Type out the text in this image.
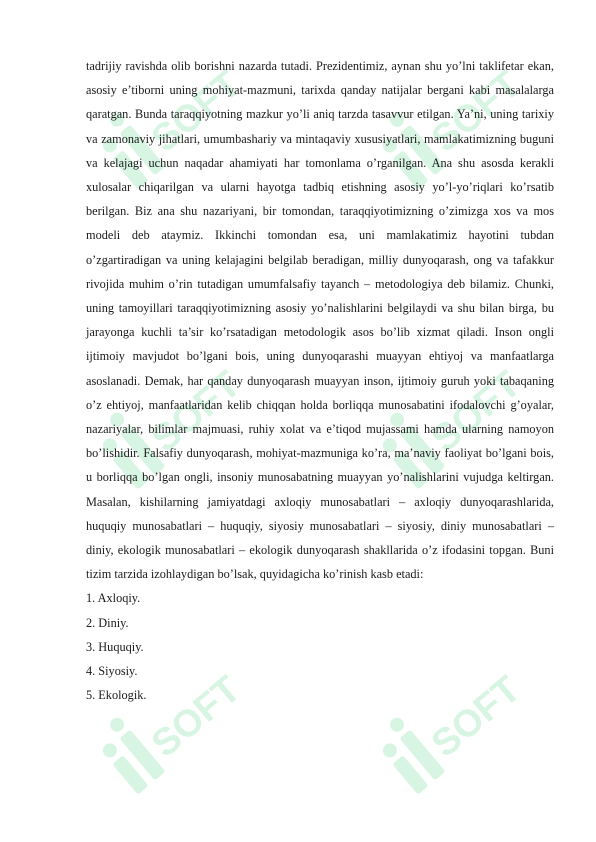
SOFT	SOFT
SOFT	SOFT
SOFT	SOFT

tadrijiy ravishda olib borishni nazarda tutadi. Prezidentimiz, aynan shu yo’lni taklifetar ekan, asosiy e’tiborni uning mohiyat-mazmuni, tarixda qanday natijalar bergani kabi masalalarga qaratgan. Bunda taraqqiyotning mazkur yo’li aniq tarzda tasavvur etilgan. Ya’ni, uning tarixiy va zamonaviy jihatlari, umumbashariy va mintaqaviy xususiyatlari, mamlakatimizning buguni va kelajagi uchun naqadar ahamiyati har tomonlama o’rganilgan. Ana shu asosda kerakli xulosalar chiqarilgan va ularni hayotga tadbiq etishning asosiy yo’l-yo’riqlari ko’rsatib berilgan. Biz ana shu nazariyani, bir tomondan, taraqqiyotimizning o’zimizga xos va mos modeli deb ataymiz. Ikkinchi tomondan esa, uni mamlakatimiz hayotini tubdan o’zgartiradigan va uning kelajagini belgilab beradigan, milliy dunyoqarash, ong va tafakkur rivojida muhim o’rin tutadigan umumfalsafiy tayanch – metodologiya deb bilamiz. Chunki, uning tamoyillari taraqqiyotimizning asosiy yo’nalishlarini belgilaydi va shu bilan birga, bu jarayonga kuchli ta’sir ko’rsatadigan metodologik asos bo’lib xizmat qiladi. Inson ongli ijtimoiy mavjudot bo’lgani bois, uning dunyoqarashi muayyan ehtiyoj va manfaatlarga asoslanadi. Demak, har qanday dunyoqarash muayyan inson, ijtimoiy guruh yoki tabaqaning o’z ehtiyoj, manfaatlaridan kelib chiqqan holda borliqqa munosabatini ifodalovchi g’oyalar, nazariyalar, bilimlar majmuasi, ruhiy xolat va e’tiqod mujassami hamda ularning namoyon bo’lishidir. Falsafiy dunyoqarash, mohiyat-mazmuniga ko’ra, ma’naviy faoliyat bo’lgani bois, u borliqqa bo’lgan ongli, insoniy munosabatning muayyan yo’nalishlarini vujudga keltirgan. Masalan, kishilarning jamiyatdagi axloqiy munosabatlari – axloqiy dunyoqarashlarida, huquqiy munosabatlari – huquqiy, siyosiy munosabatlari – siyosiy, diniy munosabatlari – diniy, ekologik munosabatlari – ekologik dunyoqarash shakllarida o’z ifodasini topgan. Buni tizim tarzida izohlaydigan bo’lsak, quyidagicha ko’rinish kasb etadi:

1. Axloqiy.
2. Diniy.
3. Huquqiy.
4. Siyosiy.
5. Ekologik.
